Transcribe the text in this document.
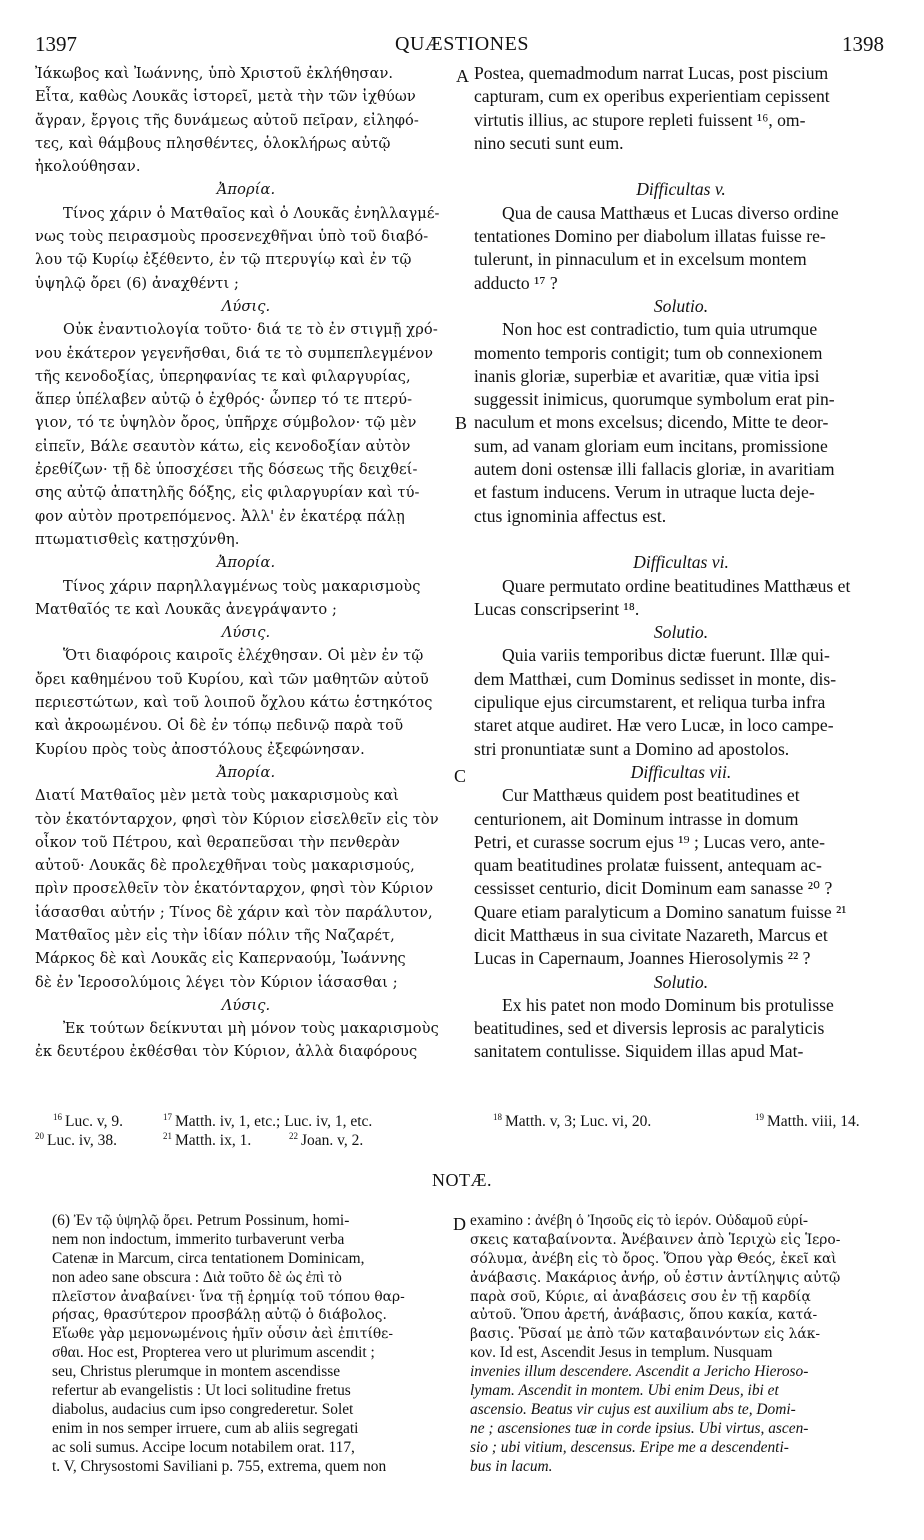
1397	QUÆSTIONES	1398
Ἰάκωβος καὶ Ἰωάννης, ὑπὸ Χριστοῦ ἐκλήθησαν.
Εἶτα, καθὼς Λουκᾶς ἱστορεῖ, μετὰ τὴν τῶν ἰχθύων
ἄγραν, ἔργοις τῆς δυνάμεως αὐτοῦ πεῖραν, εἰληφό-
τες, καὶ θάμβους πλησθέντες, ὁλοκλήρως αὐτῷ
ἠκολούθησαν.
Ἀπορία.
Τίνος χάριν ὁ Ματθαῖος καὶ ὁ Λουκᾶς ἐνηλλαγμέ-
νως τοὺς πειρασμοὺς προσενεχθῆναι ὑπὸ τοῦ διαβό-
λου τῷ Κυρίῳ ἐξέθεντο, ἐν τῷ πτερυγίῳ καὶ ἐν τῷ
ὑψηλῷ ὄρει (6) ἀναχθέντι ;
Λύσις.
Οὐκ ἐναντιολογία τοῦτο· διά τε τὸ ἐν στιγμῇ χρό-
νου ἑκάτερον γεγενῆσθαι, διά τε τὸ συμπεπλεγμένον
τῆς κενοδοξίας, ὑπερηφανίας τε καὶ φιλαργυρίας,
ἅπερ ὑπέλαβεν αὐτῷ ὁ ἐχθρός· ὧνπερ τό τε πτερύ-
γιον, τό τε ὑψηλὸν ὄρος, ὑπῆρχε σύμβολον· τῷ μὲν
εἰπεῖν, Βάλε σεαυτὸν κάτω, εἰς κενοδοξίαν αὐτὸν
ἐρεθίζων· τῇ δὲ ὑποσχέσει τῆς δόσεως τῆς δειχθεί-
σης αὐτῷ ἀπατηλῆς δόξης, εἰς φιλαργυρίαν καὶ τύ-
φον αὐτὸν προτρεπόμενος. Ἀλλ' ἐν ἑκατέρᾳ πάλῃ
πτωματισθεὶς κατῃσχύνθη.
Ἀπορία.
Τίνος χάριν παρηλλαγμένως τοὺς μακαρισμοὺς
Ματθαῖός τε καὶ Λουκᾶς ἀνεγράψαντο ;
Λύσις.
Ὅτι διαφόροις καιροῖς ἐλέχθησαν. Οἱ μὲν ἐν τῷ
ὄρει καθημένου τοῦ Κυρίου, καὶ τῶν μαθητῶν αὐτοῦ
περιεστώτων, καὶ τοῦ λοιποῦ ὄχλου κάτω ἑστηκότος
καὶ ἀκροωμένου. Οἱ δὲ ἐν τόπῳ πεδινῷ παρὰ τοῦ
Κυρίου πρὸς τοὺς ἀποστόλους ἐξεφώνησαν.
Ἀπορία.
Διατί Ματθαῖος μὲν μετὰ τοὺς μακαρισμοὺς καὶ
τὸν ἑκατόνταρχον, φησὶ τὸν Κύριον εἰσελθεῖν εἰς τὸν
οἶκον τοῦ Πέτρου, καὶ θεραπεῦσαι τὴν πενθερὰν
αὐτοῦ· Λουκᾶς δὲ προλεχθῆναι τοὺς μακαρισμούς,
πρὶν προσελθεῖν τὸν ἑκατόνταρχον, φησὶ τὸν Κύριον
ἰάσασθαι αὐτήν ; Τίνος δὲ χάριν καὶ τὸν παράλυτον,
Ματθαῖος μὲν εἰς τὴν ἰδίαν πόλιν τῆς Ναζαρέτ,
Μάρκος δὲ καὶ Λουκᾶς εἰς Καπερναούμ, Ἰωάννης
δὲ ἐν Ἱεροσολύμοις λέγει τὸν Κύριον ἰάσασθαι ;
Λύσις.
Ἐκ τούτων δείκνυται μὴ μόνον τοὺς μακαρισμοὺς
ἐκ δευτέρου ἐκθέσθαι τὸν Κύριον, ἀλλὰ διαφόρους
Postea, quemadmodum narrat Lucas, post piscium
capturam, cum ex operibus experientiam cepissent
virtutis illius, ac stupore repleti fuissent ¹⁶, om-
nino secuti sunt eum.
Difficultas v.
Qua de causa Matthæus et Lucas diverso ordine
tentationes Domino per diabolum illatas fuisse re-
tulerunt, in pinnaculum et in excelsum montem
adducto ¹⁷ ?
Solutio.
Non hoc est contradictio, tum quia utrumque
momento temporis contigit; tum ob connexionem
inanis gloriæ, superbiæ et avaritiæ, quæ vitia ipsi
suggessit inimicus, quorumque symbolum erat pin-
naculum et mons excelsus; dicendo, Mitte te deor-
sum, ad vanam gloriam eum incitans, promissione
autem doni ostensæ illi fallacis gloriæ, in avaritiam
et fastum inducens. Verum in utraque lucta deje-
ctus ignominia affectus est.
Difficultas vi.
Quare permutato ordine beatitudines Matthæus et
Lucas conscripserint ¹⁸.
Solutio.
Quia variis temporibus dictæ fuerunt. Illæ qui-
dem Matthæi, cum Dominus sedisset in monte, dis-
cipulique ejus circumstarent, et reliqua turba infra
staret atque audiret. Hæ vero Lucæ, in loco campe-
stri pronuntiatæ sunt a Domino ad apostolos.
Difficultas vii.
Cur Matthæus quidem post beatitudines et
centurionem, ait Dominum intrasse in domum
Petri, et curasse socrum ejus ¹⁹ ; Lucas vero, ante-
quam beatitudines prolatæ fuissent, antequam ac-
cessisset centurio, dicit Dominum eam sanasse ²⁰ ?
Quare etiam paralyticum a Domino sanatum fuisse ²¹
dicit Matthæus in sua civitate Nazareth, Marcus et
Lucas in Capernaum, Joannes Hierosolymis ²² ?
Solutio.
Ex his patet non modo Dominum bis protulisse
beatitudines, sed et diversis leprosis ac paralyticis
sanitatem contulisse. Siquidem illas apud Mat-
A
B
C
D
$^{16}$ Luc. v, 9.	$^{17}$ Matth. iv, 1, etc.; Luc. iv, 1, etc.	$^{18}$ Matth. v, 3; Luc. vi, 20.	$^{19}$ Matth. viii, 14.
$^{20}$ Luc. iv, 38.	$^{21}$ Matth. ix, 1.	$^{22}$ Joan. v, 2.
NOTÆ.
(6) Ἐν τῷ ὑψηλῷ ὄρει. Petrum Possinum, homi-
nem non indoctum, immerito turbaverunt verba
Catenæ in Marcum, circa tentationem Dominicam,
non adeo sane obscura : Διὰ τοῦτο δὲ ὡς ἐπὶ τὸ
πλεῖστον ἀναβαίνει· ἵνα τῇ ἐρημίᾳ τοῦ τόπου θαρ-
ρήσας, θρασύτερον προσβάλῃ αὐτῷ ὁ διάβολος.
Εἴωθε γὰρ μεμονωμένοις ἡμῖν οὖσιν ἀεὶ ἐπιτίθε-
σθαι. Hoc est, Propterea vero ut plurimum ascendit ;
seu, Christus plerumque in montem ascendisse
refertur ab evangelistis : Ut loci solitudine fretus
diabolus, audacius cum ipso congrederetur. Solet
enim in nos semper irruere, cum ab aliis segregati
ac soli sumus. Accipe locum notabilem orat. 117,
t. V, Chrysostomi Saviliani p. 755, extrema, quem non
examino : ἀνέβη ὁ Ἰησοῦς εἰς τὸ ἱερόν. Οὐδαμοῦ εὑρί-
σκεις καταβαίνοντα. Ἀνέβαινεν ἀπὸ Ἱεριχὼ εἰς Ἱερο-
σόλυμα, ἀνέβη εἰς τὸ ὄρος. Ὅπου γὰρ Θεός, ἐκεῖ καὶ
ἀνάβασις. Μακάριος ἀνήρ, οὗ ἐστιν ἀντίληψις αὐτῷ
παρὰ σοῦ, Κύριε, αἱ ἀναβάσεις σου ἐν τῇ καρδίᾳ
αὐτοῦ. Ὅπου ἀρετή, ἀνάβασις, ὅπου κακία, κατά-
βασις. Ῥῦσαί με ἀπὸ τῶν καταβαινόντων εἰς λάκ-
κον. Id est, Ascendit Jesus in templum. Nusquam
invenies illum descendere. Ascendit a Jericho Hieroso-
lymam. Ascendit in montem. Ubi enim Deus, ibi et
ascensio. Beatus vir cujus est auxilium abs te, Domi-
ne ; ascensiones tuæ in corde ipsius. Ubi virtus, ascen-
sio ; ubi vitium, descensus. Eripe me a descendenti-
bus in lacum.
